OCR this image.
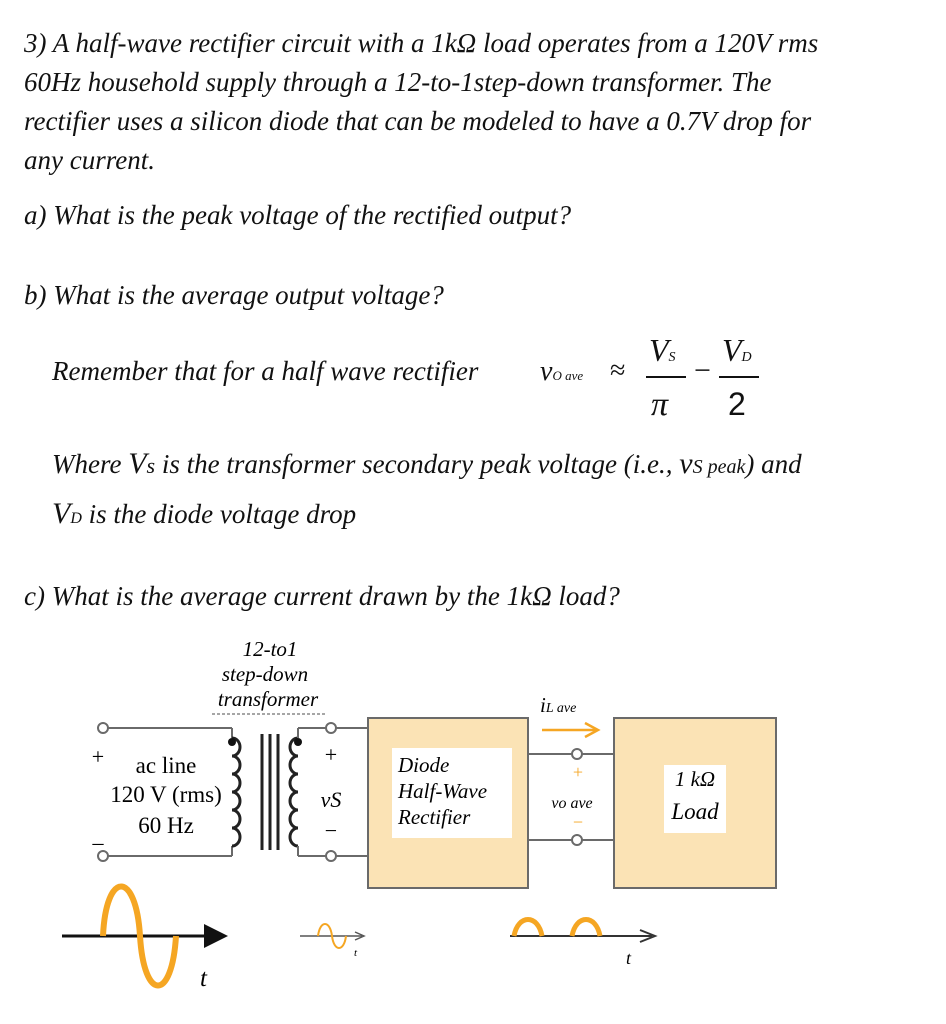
3) A half-wave rectifier circuit with a 1kΩ load operates from a 120V rms
60Hz household supply through a 12-to-1step-down transformer. The
rectifier uses a silicon diode that can be modeled to have a 0.7V drop for
any current.
a) What is the peak voltage of the rectified output?
b) What is the average output voltage?
Remember that for a half wave rectifier vO ave ≈
VS
π
−
VD
2
Where Vs is the transformer secondary peak voltage (i.e., vS peak) and
VD is the diode voltage drop
c) What is the average current drawn by the 1kΩ load?
12-to1
step-down
transformer
+
_
ac line
120 V (rms)
60 Hz
+
vS
−
Diode
Half-Wave
Rectifier
iL ave
+
vo ave
−
1 kΩ
Load
t
t	t
